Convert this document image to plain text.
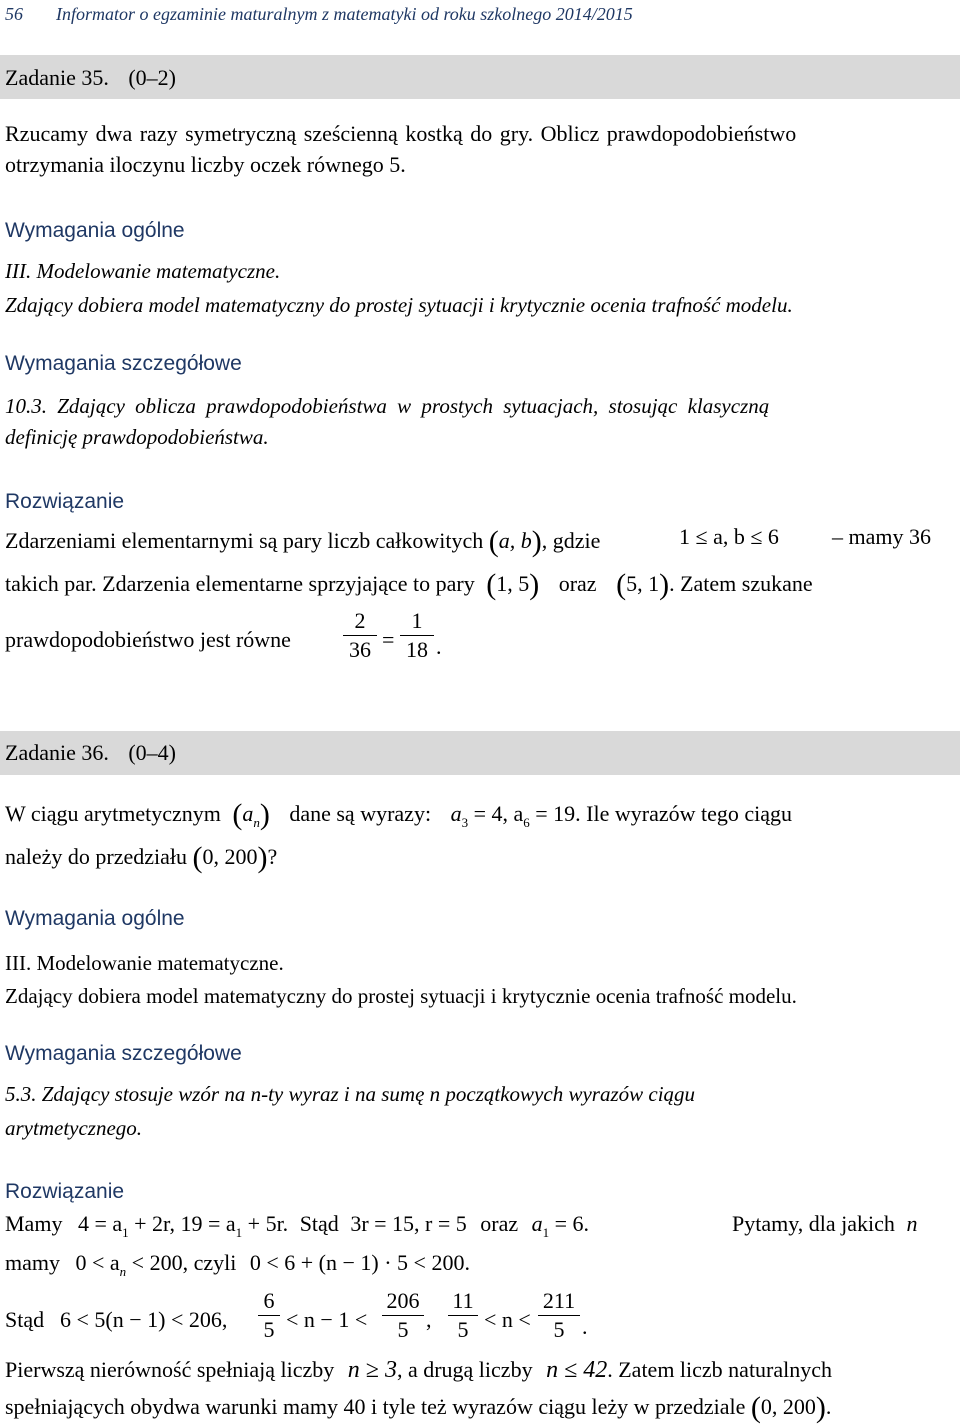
56 Informator o egzaminie maturalnym z matematyki od roku szkolnego 2014/2015
Zadanie 35. (0–2)
Rzucamy dwa razy symetryczną sześcienną kostką do gry. Oblicz prawdopodobieństwo
otrzymania iloczynu liczby oczek równego 5.
Wymagania ogólne
III. Modelowanie matematyczne.
Zdający dobiera model matematyczny do prostej sytuacji i krytycznie ocenia trafność modelu.
Wymagania szczegółowe
10.3. Zdający oblicza prawdopodobieństwa w prostych sytuacjach, stosując klasyczną
definicję prawdopodobieństwa.
Rozwiązanie
Zdarzeniami elementarnymi są pary liczb całkowitych (a, b), gdzie	1 ≤ a, b ≤ 6 – mamy 36
takich par. Zdarzenia elementarne sprzyjające to pary (1, 5) oraz (5, 1). Zatem szukane
prawdopodobieństwo jest równe
2
36 =
1
18 .
Zadanie 36. (0–4)
W ciągu arytmetycznym $(a_n)$ dane są wyrazy: $a_3 = 4$, $a_6 = 19$. Ile wyrazów tego ciągu
należy do przedziału (0, 200)?
Wymagania ogólne
III. Modelowanie matematyczne.
Zdający dobiera model matematyczny do prostej sytuacji i krytycznie ocenia trafność modelu.
Wymagania szczegółowe
5.3. Zdający stosuje wzór na n-ty wyraz i na sumę n początkowych wyrazów ciągu
arytmetycznego.
Rozwiązanie
Mamy $4 = a_1 + 2r$, $19 = a_1 + 5r$. Stąd 3r = 15, r = 5 oraz $a_1 = 6$.	Pytamy, dla jakich n
mamy $0 < a_n < 200$, czyli 0 < 6 + (n − 1) · 5 < 200.
Stąd 6 < 5(n − 1) < 206,
6
5 < n − 1 <
206
5 ,
11
5 < n <
211
5 .
Pierwszą nierówność spełniają liczby n ≥ 3, a drugą liczby n ≤ 42. Zatem liczb naturalnych
spełniających obydwa warunki mamy 40 i tyle też wyrazów ciągu leży w przedziale (0, 200).
